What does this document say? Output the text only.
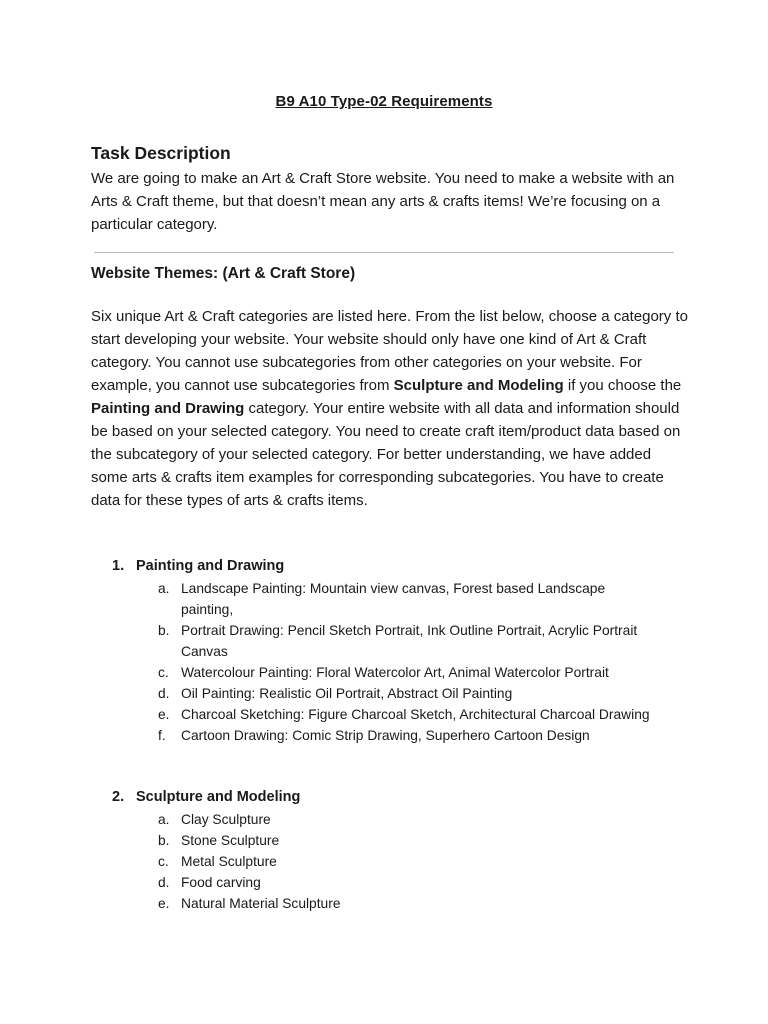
B9 A10 Type-02 Requirements
Task Description
We are going to make an Art & Craft Store website. You need to make a website with an Arts & Craft theme, but that doesn’t mean any arts & crafts items! We’re focusing on a particular category.
Website Themes: (Art & Craft Store)
Six unique Art & Craft categories are listed here. From the list below, choose a category to start developing your website. Your website should only have one kind of Art & Craft category. You cannot use subcategories from other categories on your website. For example, you cannot use subcategories from Sculpture and Modeling if you choose the Painting and Drawing category. Your entire website with all data and information should be based on your selected category. You need to create craft item/product data based on the subcategory of your selected category. For better understanding, we have added some arts & crafts item examples for corresponding subcategories. You have to create data for these types of arts & crafts items.
1. Painting and Drawing
a. Landscape Painting: Mountain view canvas, Forest based Landscape painting,
b. Portrait Drawing: Pencil Sketch Portrait, Ink Outline Portrait, Acrylic Portrait Canvas
c. Watercolour Painting: Floral Watercolor Art, Animal Watercolor Portrait
d. Oil Painting: Realistic Oil Portrait, Abstract Oil Painting
e. Charcoal Sketching: Figure Charcoal Sketch, Architectural Charcoal Drawing
f. Cartoon Drawing: Comic Strip Drawing, Superhero Cartoon Design
2. Sculpture and Modeling
a. Clay Sculpture
b. Stone Sculpture
c. Metal Sculpture
d. Food carving
e. Natural Material Sculpture
